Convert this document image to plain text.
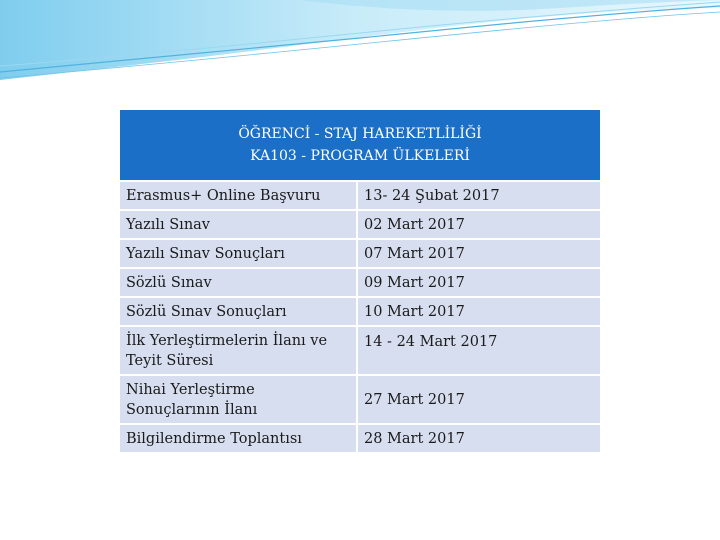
ÖĞRENCİ - STAJ HAREKETLİLİĞİ
KA103 - PROGRAM ÜLKELERİ
Erasmus+ Online Başvuru	13- 24 Şubat 2017
Yazılı Sınav	02 Mart 2017
Yazılı Sınav Sonuçları	07 Mart 2017
Sözlü Sınav	09 Mart 2017
Sözlü Sınav Sonuçları	10 Mart 2017
İlk Yerleştirmelerin İlanı ve Teyit Süresi	14 - 24 Mart 2017
Nihai Yerleştirme Sonuçlarının İlanı	27 Mart 2017
Bilgilendirme Toplantısı	28 Mart 2017
